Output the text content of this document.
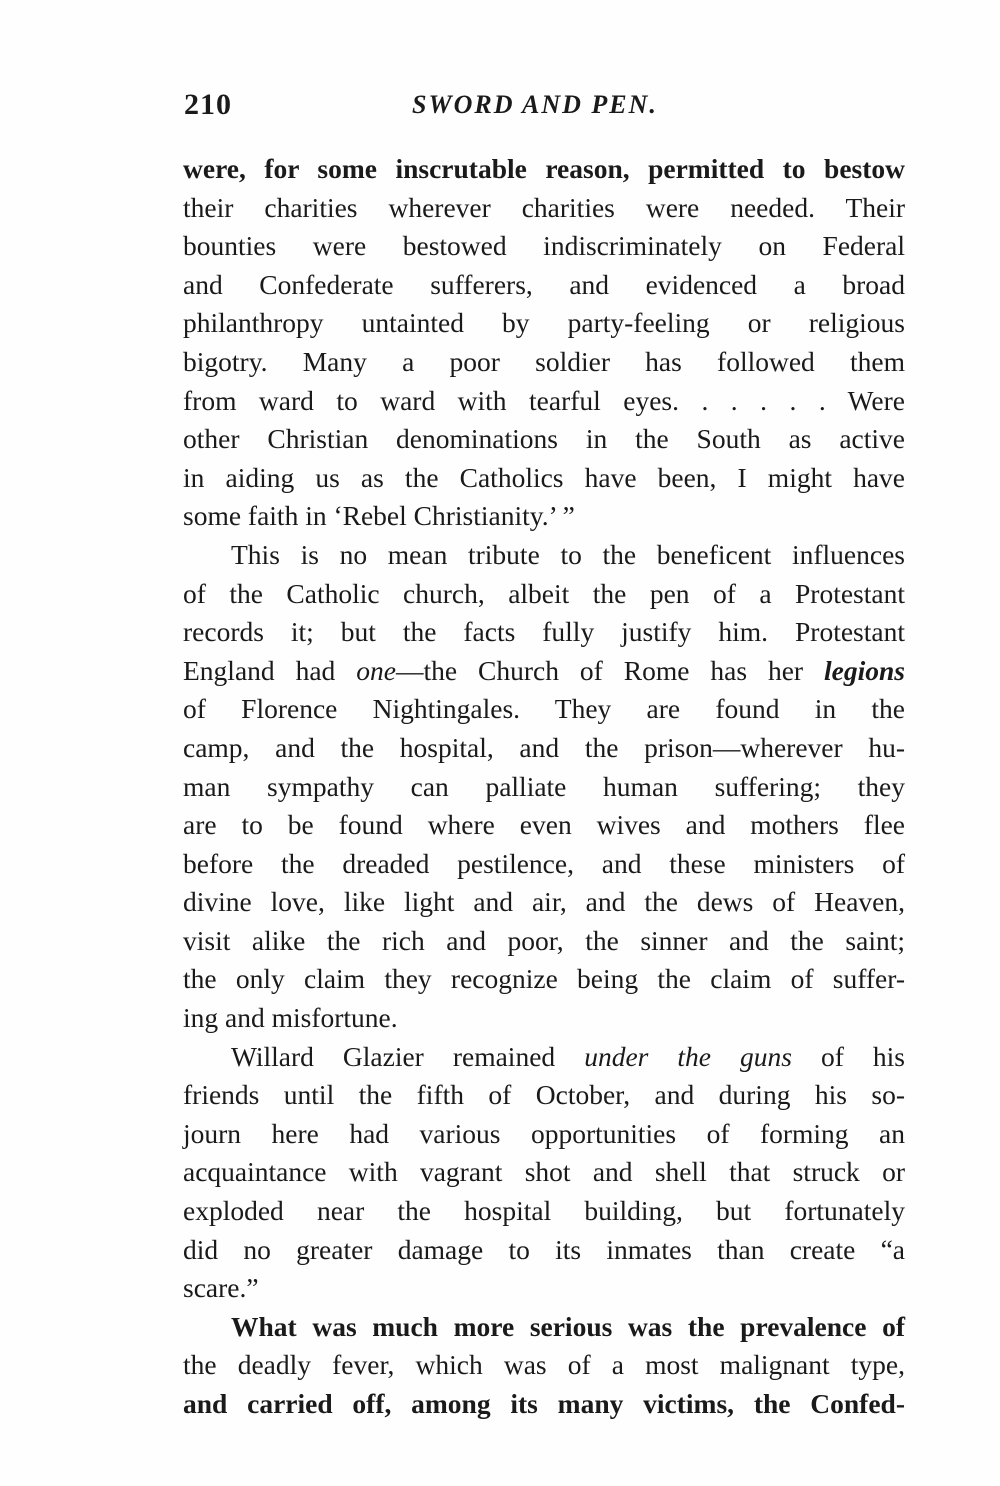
210	SWORD AND PEN.
were, for some inscrutable reason, permitted to bestow
their charities wherever charities were needed. Their
bounties were bestowed indiscriminately on Federal
and Confederate sufferers, and evidenced a broad
philanthropy untainted by party-feeling or religious
bigotry. Many a poor soldier has followed them
from ward to ward with tearful eyes. . . . . . Were
other Christian denominations in the South as active
in aiding us as the Catholics have been, I might have
some faith in ‘Rebel Christianity.’ ”
This is no mean tribute to the beneficent influences
of the Catholic church, albeit the pen of a Protestant
records it; but the facts fully justify him. Protestant
England had one—the Church of Rome has her legions
of Florence Nightingales. They are found in the
camp, and the hospital, and the prison—wherever hu-
man sympathy can palliate human suffering; they
are to be found where even wives and mothers flee
before the dreaded pestilence, and these ministers of
divine love, like light and air, and the dews of Heaven,
visit alike the rich and poor, the sinner and the saint;
the only claim they recognize being the claim of suffer-
ing and misfortune.
Willard Glazier remained under the guns of his
friends until the fifth of October, and during his so-
journ here had various opportunities of forming an
acquaintance with vagrant shot and shell that struck or
exploded near the hospital building, but fortunately
did no greater damage to its inmates than create “a
scare.”
What was much more serious was the prevalence of
the deadly fever, which was of a most malignant type,
and carried off, among its many victims, the Confed-
